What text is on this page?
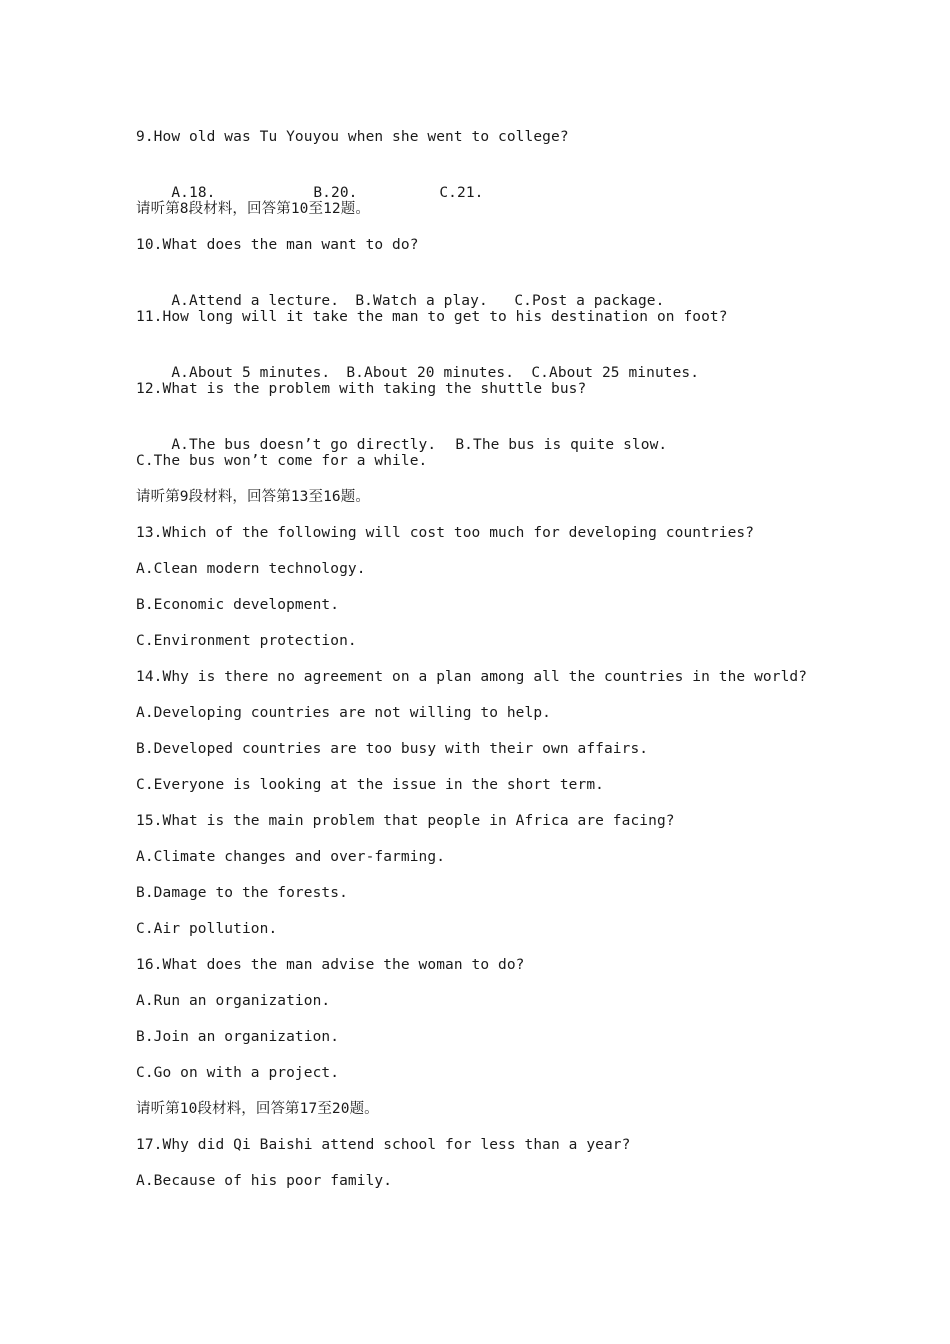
9.How old was Tu Youyou when she went to college?

A.18.	B.20.	C.21.

请听第8段材料，回答第10至12题。
10.What does the man want to do?

A.Attend a lecture. B.Watch a play. C.Post a package.

11.How long will it take the man to get to his destination on foot?

A.About 5 minutes. B.About 20 minutes. C.About 25 minutes.

12.What is the problem with taking the shuttle bus?

A.The bus doesn’t go directly. B.The bus is quite slow.

C.The bus won’t come for a while.
请听第9段材料，回答第13至16题。
13.Which of the following will cost too much for developing countries?
A.Clean modern technology.
B.Economic development.
C.Environment protection.
14.Why is there no agreement on a plan among all the countries in the world?
A.Developing countries are not willing to help.
B.Developed countries are too busy with their own affairs.
C.Everyone is looking at the issue in the short term.
15.What is the main problem that people in Africa are facing?
A.Climate changes and over-farming.
B.Damage to the forests.
C.Air pollution.
16.What does the man advise the woman to do?
A.Run an organization.
B.Join an organization.
C.Go on with a project.
请听第10段材料，回答第17至20题。
17.Why did Qi Baishi attend school for less than a year?
A.Because of his poor family.
